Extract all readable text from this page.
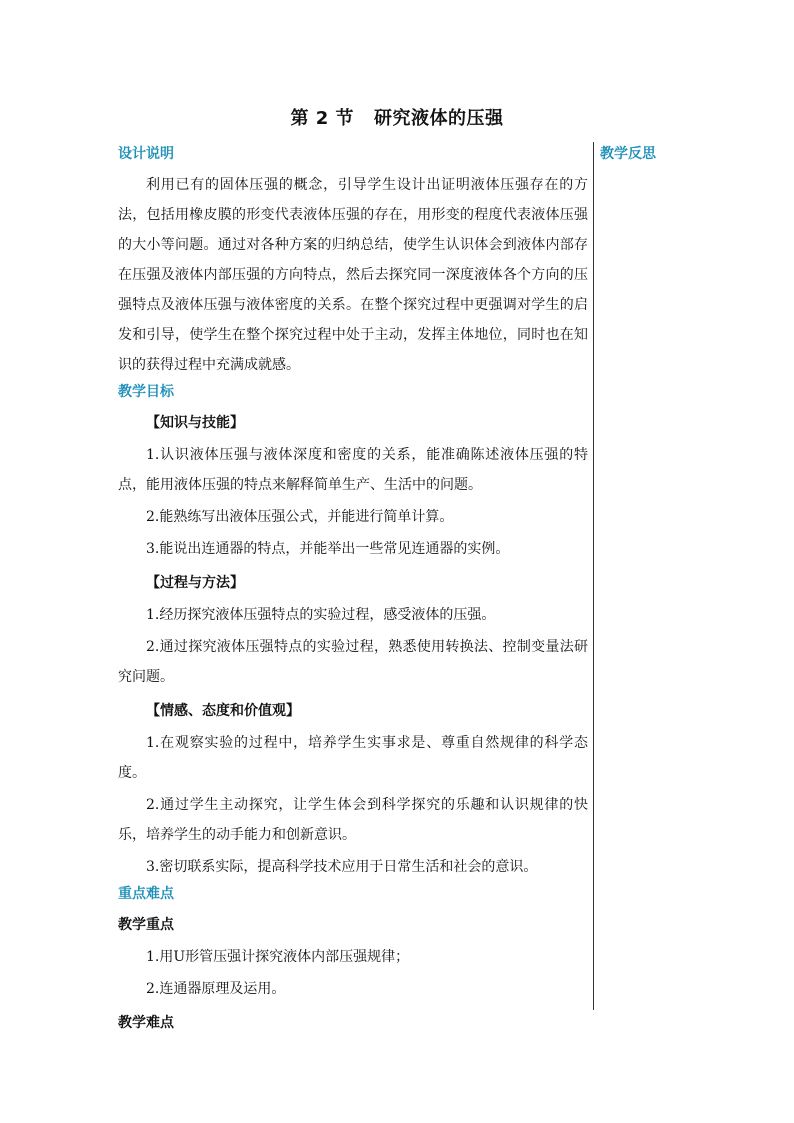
第 2 节 研究液体的压强
教学反思

设计说明

利用已有的固体压强的概念，引导学生设计出证明液体压强存在的方法，包括用橡皮膜的形变代表液体压强的存在，用形变的程度代表液体压强的大小等问题。通过对各种方案的归纳总结，使学生认识体会到液体内部存在压强及液体内部压强的方向特点，然后去探究同一深度液体各个方向的压强特点及液体压强与液体密度的关系。在整个探究过程中更强调对学生的启发和引导，使学生在整个探究过程中处于主动，发挥主体地位，同时也在知识的获得过程中充满成就感。

教学目标

【知识与技能】

1.认识液体压强与液体深度和密度的关系，能准确陈述液体压强的特点，能用液体压强的特点来解释简单生产、生活中的问题。

2.能熟练写出液体压强公式，并能进行简单计算。

3.能说出连通器的特点，并能举出一些常见连通器的实例。

【过程与方法】

1.经历探究液体压强特点的实验过程，感受液体的压强。

2.通过探究液体压强特点的实验过程，熟悉使用转换法、控制变量法研究问题。

【情感、态度和价值观】

1.在观察实验的过程中，培养学生实事求是、尊重自然规律的科学态度。

2.通过学生主动探究，让学生体会到科学探究的乐趣和认识规律的快乐，培养学生的动手能力和创新意识。

3.密切联系实际，提高科学技术应用于日常生活和社会的意识。

重点难点

教学重点

1.用U形管压强计探究液体内部压强规律；

2.连通器原理及运用。

教学难点
